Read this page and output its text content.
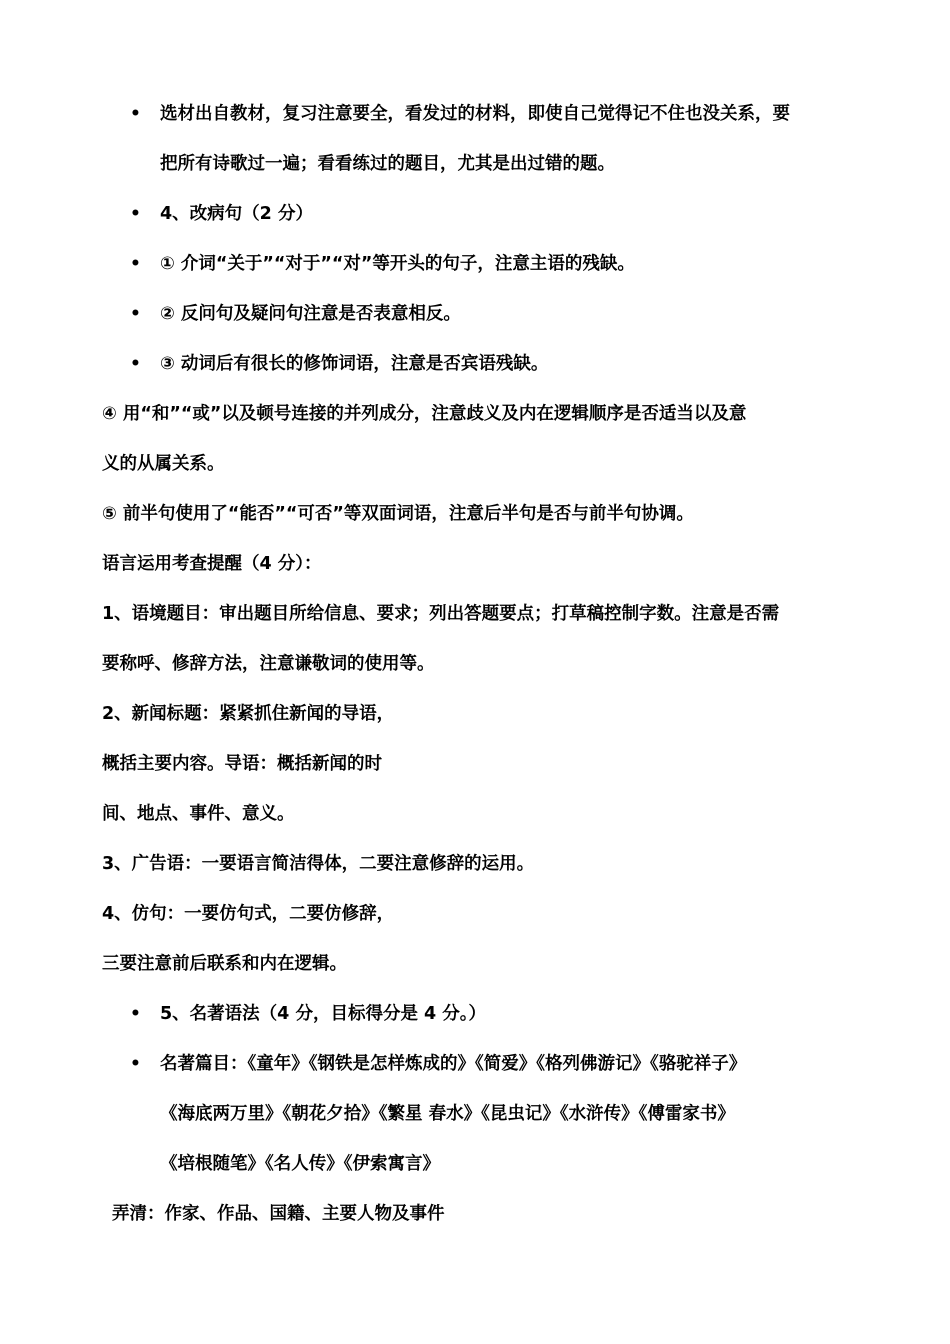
• 选材出自教材，复习注意要全，看发过的材料，即使自己觉得记不住也没关系，要
把所有诗歌过一遍；看看练过的题目，尤其是出过错的题。
• 4、改病句（2 分）
• ① 介词“关于”“对于”“对”等开头的句子，注意主语的残缺。
• ② 反问句及疑问句注意是否表意相反。
• ③ 动词后有很长的修饰词语，注意是否宾语残缺。
④ 用“和”“或”以及顿号连接的并列成分，注意歧义及内在逻辑顺序是否适当以及意
义的从属关系。
⑤ 前半句使用了“能否”“可否”等双面词语，注意后半句是否与前半句协调。
语言运用考查提醒（4 分）：
1、语境题目：审出题目所给信息、要求；列出答题要点；打草稿控制字数。注意是否需
要称呼、修辞方法，注意谦敬词的使用等。
2、新闻标题：紧紧抓住新闻的导语，
概括主要内容。导语：概括新闻的时
间、地点、事件、意义。
3、广告语：一要语言简洁得体，二要注意修辞的运用。
4、仿句：一要仿句式，二要仿修辞，
三要注意前后联系和内在逻辑。
• 5、名著语法（4 分，目标得分是 4 分。）
• 名著篇目：《童年》《钢铁是怎样炼成的》《简爱》《格列佛游记》《骆驼祥子》
《海底两万里》《朝花夕拾》《繁星 春水》《昆虫记》《水浒传》《傅雷家书》
《培根随笔》《名人传》《伊索寓言》
弄清：作家、作品、国籍、主要人物及事件
